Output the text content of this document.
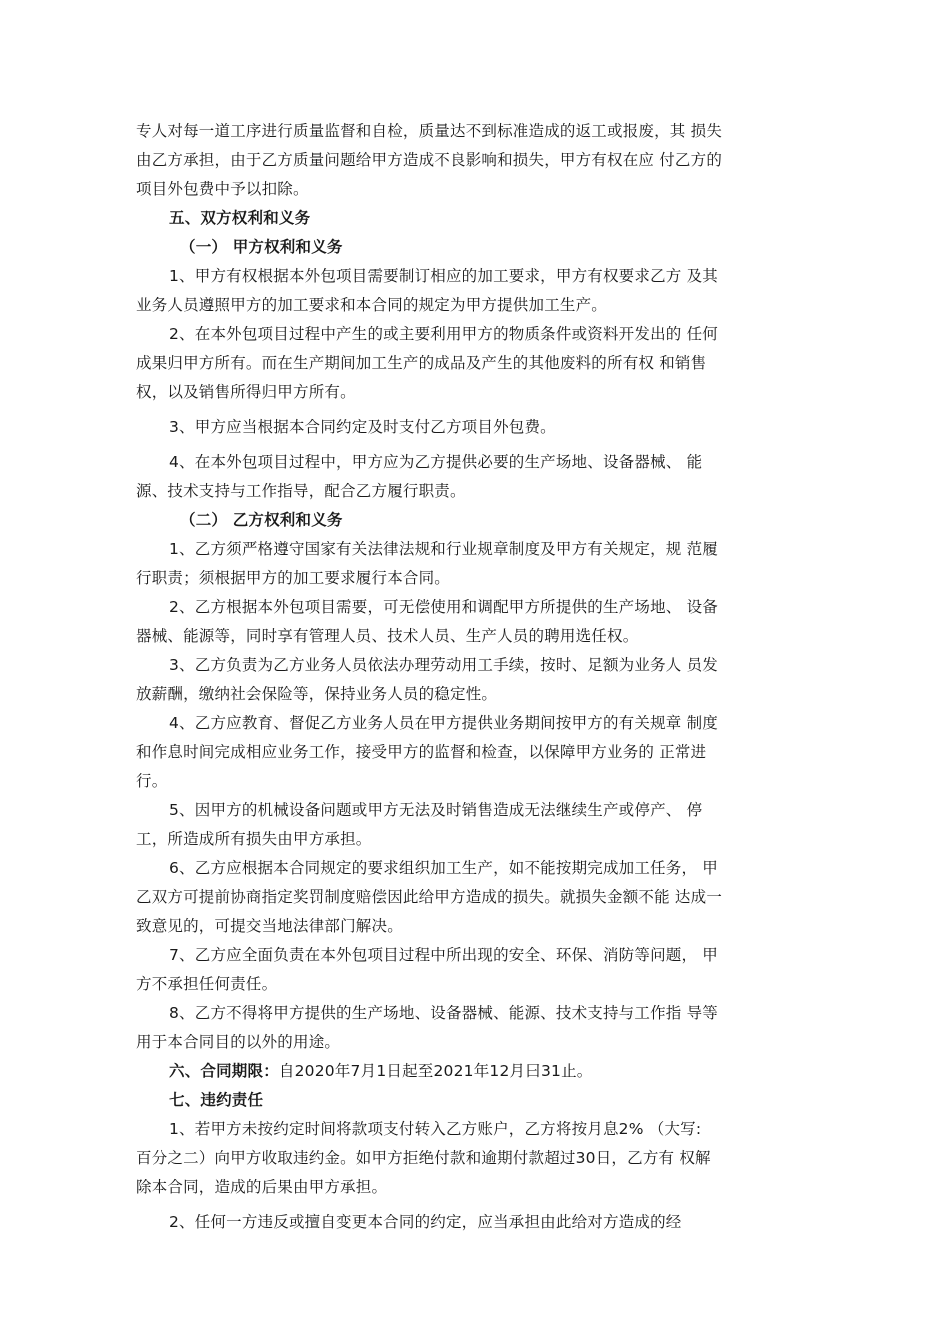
专人对每一道工序进行质量监督和自检，质量达不到标准造成的返工或报废，其 损失
由乙方承担，由于乙方质量问题给甲方造成不良影响和损失，甲方有权在应 付乙方的
项目外包费中予以扣除。
五、双方权利和义务
（一） 甲方权利和义务
1、甲方有权根据本外包项目需要制订相应的加工要求，甲方有权要求乙方 及其
业务人员遵照甲方的加工要求和本合同的规定为甲方提供加工生产。
2、在本外包项目过程中产生的或主要利用甲方的物质条件或资料开发出的 任何
成果归甲方所有。而在生产期间加工生产的成品及产生的其他废料的所有权 和销售
权，以及销售所得归甲方所有。
3、甲方应当根据本合同约定及时支付乙方项目外包费。
4、在本外包项目过程中，甲方应为乙方提供必要的生产场地、设备器械、 能
源、技术支持与工作指导，配合乙方履行职责。
（二） 乙方权利和义务
1、乙方须严格遵守国家有关法律法规和行业规章制度及甲方有关规定，规 范履
行职责；须根据甲方的加工要求履行本合同。
2、乙方根据本外包项目需要，可无偿使用和调配甲方所提供的生产场地、 设备
器械、能源等，同时享有管理人员、技术人员、生产人员的聘用选任权。
3、乙方负责为乙方业务人员依法办理劳动用工手续，按时、足额为业务人 员发
放薪酬，缴纳社会保险等，保持业务人员的稳定性。
4、乙方应教育、督促乙方业务人员在甲方提供业务期间按甲方的有关规章 制度
和作息时间完成相应业务工作，接受甲方的监督和检查，以保障甲方业务的 正常进
行。
5、因甲方的机械设备问题或甲方无法及时销售造成无法继续生产或停产、 停
工，所造成所有损失由甲方承担。
6、乙方应根据本合同规定的要求组织加工生产，如不能按期完成加工任务， 甲
乙双方可提前协商指定奖罚制度赔偿因此给甲方造成的损失。就损失金额不能 达成一
致意见的，可提交当地法律部门解决。
7、乙方应全面负责在本外包项目过程中所出现的安全、环保、消防等问题， 甲
方不承担任何责任。
8、乙方不得将甲方提供的生产场地、设备器械、能源、技术支持与工作指 导等
用于本合同目的以外的用途。
六、合同期限：自2020年7月1日起至2021年12月曰31止。
七、违约责任
1、若甲方未按约定时间将款项支付转入乙方账户，乙方将按月息2% （大写:
百分之二）向甲方收取违约金。如甲方拒绝付款和逾期付款超过30日，乙方有 权解
除本合同，造成的后果由甲方承担。
2、任何一方违反或擅自变更本合同的约定，应当承担由此给对方造成的经
